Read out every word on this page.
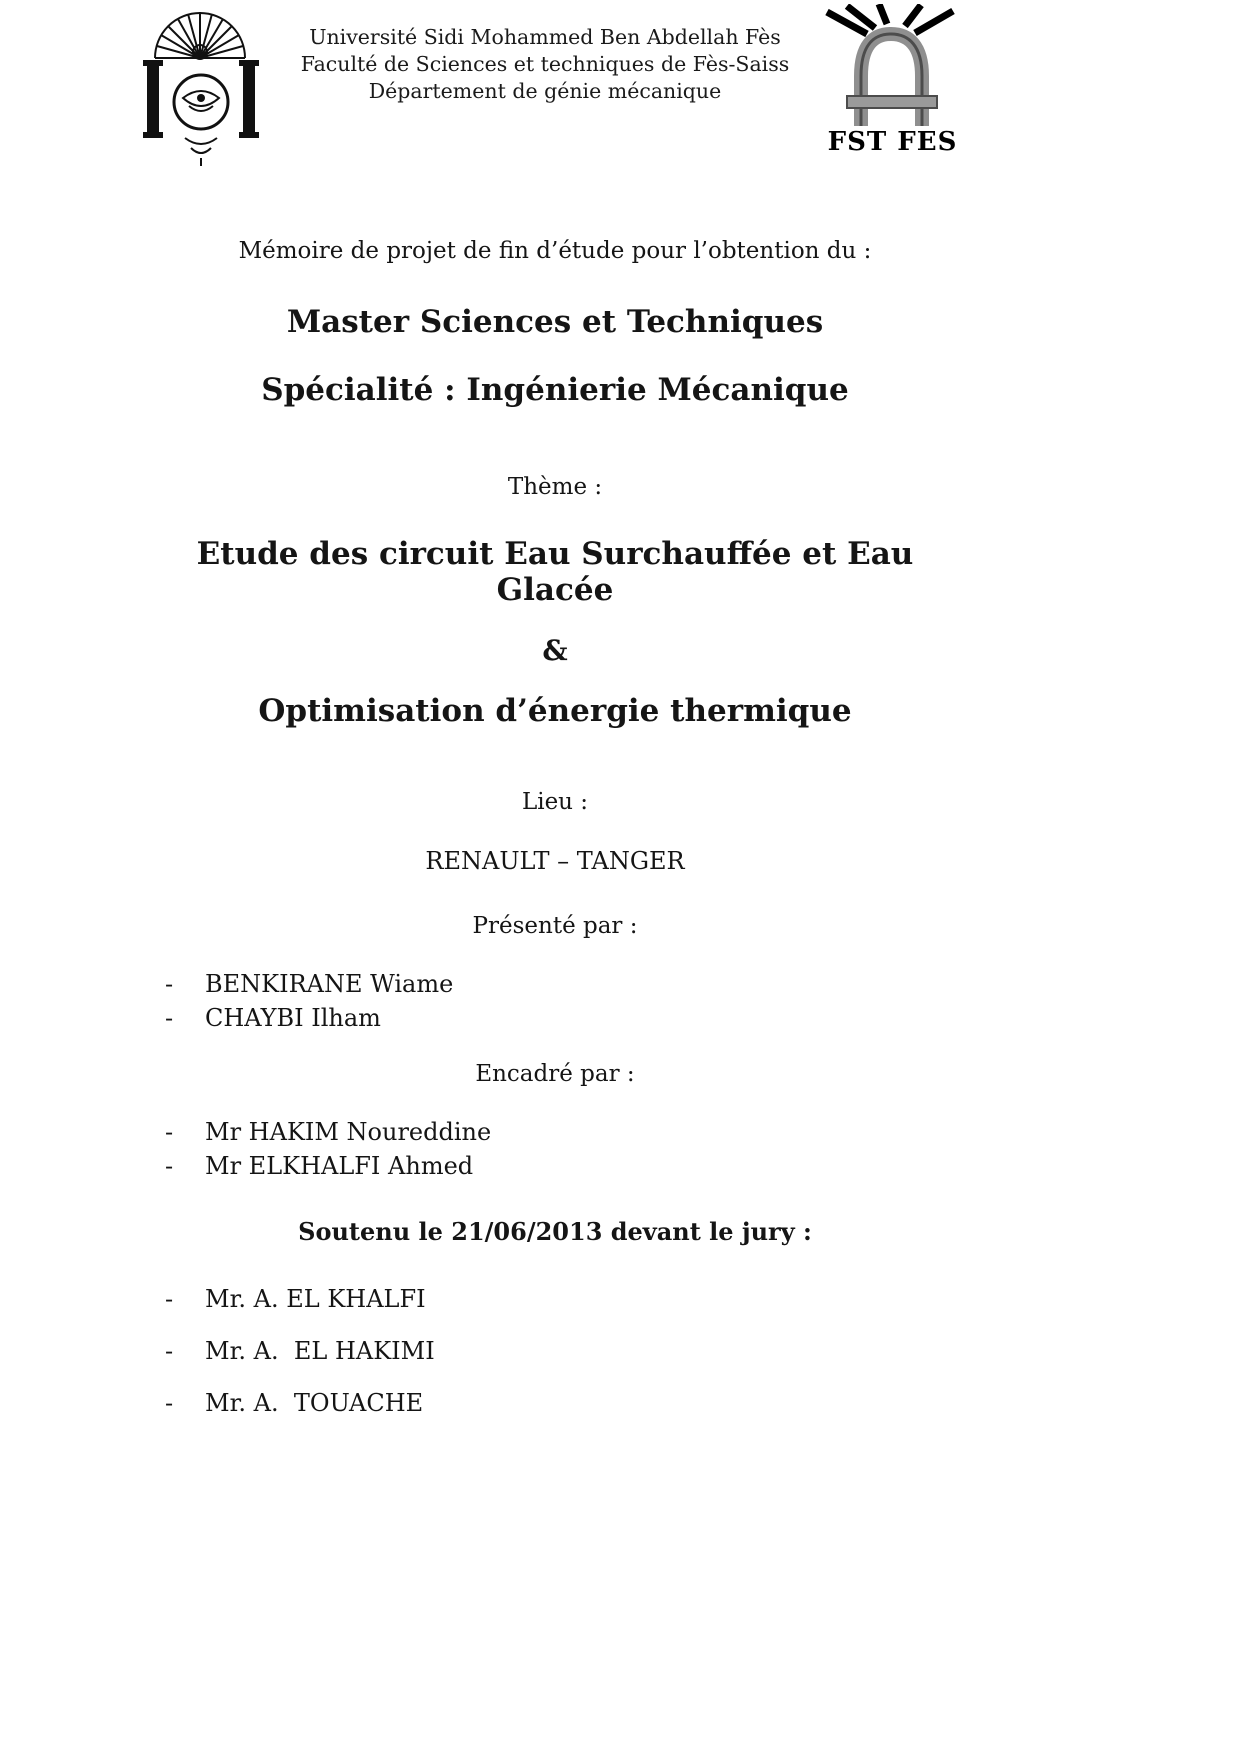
Université Sidi Mohammed Ben Abdellah Fès
Faculté de Sciences et techniques de Fès-Saiss
Département de génie mécanique
FST FES

Mémoire de projet de fin d’étude pour l’obtention du :

Master Sciences et Techniques

Spécialité : Ingénierie Mécanique

Thème :

Etude des circuit Eau Surchauffée et Eau Glacée

&

Optimisation d’énergie thermique

Lieu :

RENAULT – TANGER

Présenté par :

-	BENKIRANE Wiame
-	CHAYBI Ilham

Encadré par :

-	Mr HAKIM Noureddine
-	Mr ELKHALFI Ahmed

Soutenu le 21/06/2013 devant le jury :

-	Mr. A. EL KHALFI
-	Mr. A.  EL HAKIMI
-	Mr. A.  TOUACHE
